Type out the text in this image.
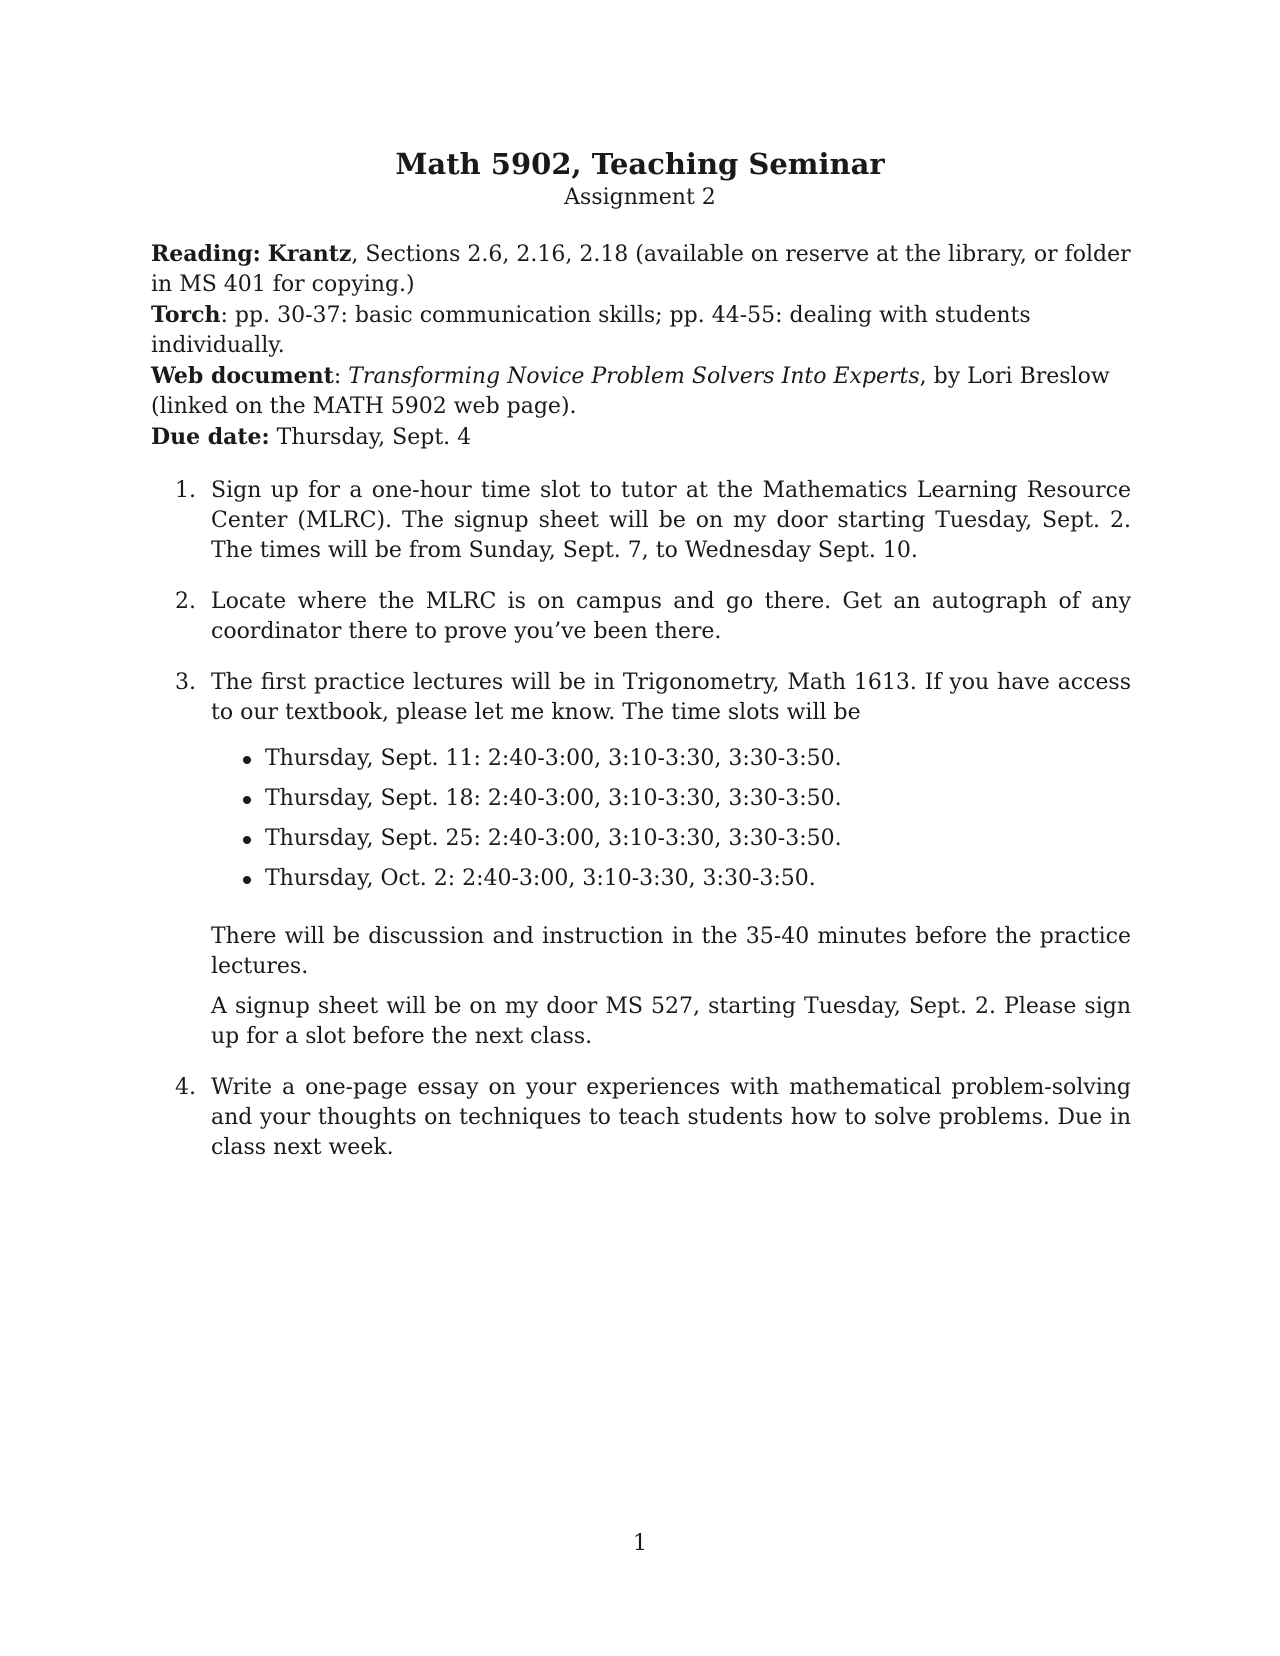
Math 5902, Teaching Seminar
Assignment 2

Reading: Krantz, Sections 2.6, 2.16, 2.18 (available on reserve at the library, or folder in MS 401 for copying.)

Torch: pp. 30-37: basic communication skills; pp. 44-55: dealing with students individually.

Web document: Transforming Novice Problem Solvers Into Experts, by Lori Breslow (linked on the MATH 5902 web page).

Due date: Thursday, Sept. 4

1. Sign up for a one-hour time slot to tutor at the Mathematics Learning Resource Center (MLRC). The signup sheet will be on my door starting Tuesday, Sept. 2. The times will be from Sunday, Sept. 7, to Wednesday Sept. 10.

2. Locate where the MLRC is on campus and go there. Get an autograph of any coordinator there to prove you’ve been there.

3. The first practice lectures will be in Trigonometry, Math 1613. If you have access to our textbook, please let me know. The time slots will be

Thursday, Sept. 11: 2:40-3:00, 3:10-3:30, 3:30-3:50.
Thursday, Sept. 18: 2:40-3:00, 3:10-3:30, 3:30-3:50.
Thursday, Sept. 25: 2:40-3:00, 3:10-3:30, 3:30-3:50.
Thursday, Oct. 2: 2:40-3:00, 3:10-3:30, 3:30-3:50.

There will be discussion and instruction in the 35-40 minutes before the practice lectures.

A signup sheet will be on my door MS 527, starting Tuesday, Sept. 2. Please sign up for a slot before the next class.

4. Write a one-page essay on your experiences with mathematical problem-solving and your thoughts on techniques to teach students how to solve problems. Due in class next week.

1
